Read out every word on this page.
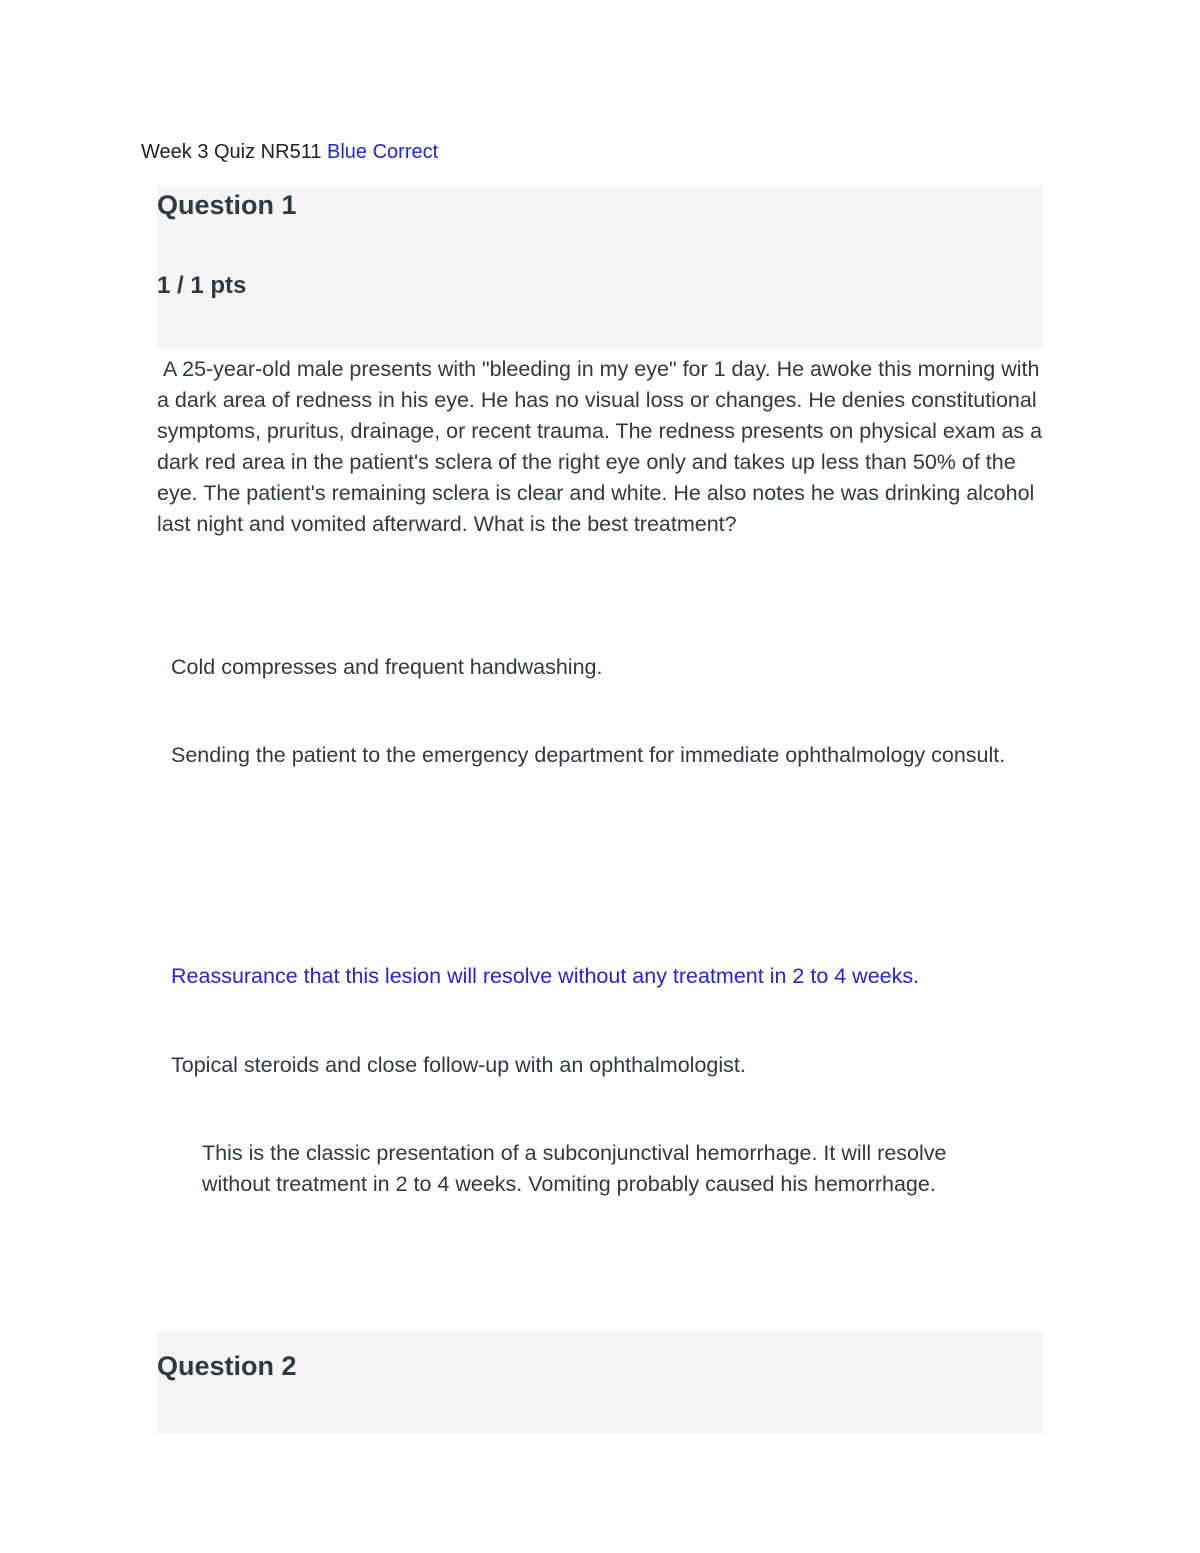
Week 3 Quiz NR511 Blue Correct
Question 1
1 / 1 pts
A 25-year-old male presents with "bleeding in my eye" for 1 day. He awoke this morning with a dark area of redness in his eye. He has no visual loss or changes. He denies constitutional symptoms, pruritus, drainage, or recent trauma. The redness presents on physical exam as a dark red area in the patient's sclera of the right eye only and takes up less than 50% of the eye. The patient's remaining sclera is clear and white. He also notes he was drinking alcohol last night and vomited afterward. What is the best treatment?
Cold compresses and frequent handwashing.
Sending the patient to the emergency department for immediate ophthalmology consult.
Reassurance that this lesion will resolve without any treatment in 2 to 4 weeks.
Topical steroids and close follow-up with an ophthalmologist.
This is the classic presentation of a subconjunctival hemorrhage. It will resolve without treatment in 2 to 4 weeks. Vomiting probably caused his hemorrhage.
Question 2
